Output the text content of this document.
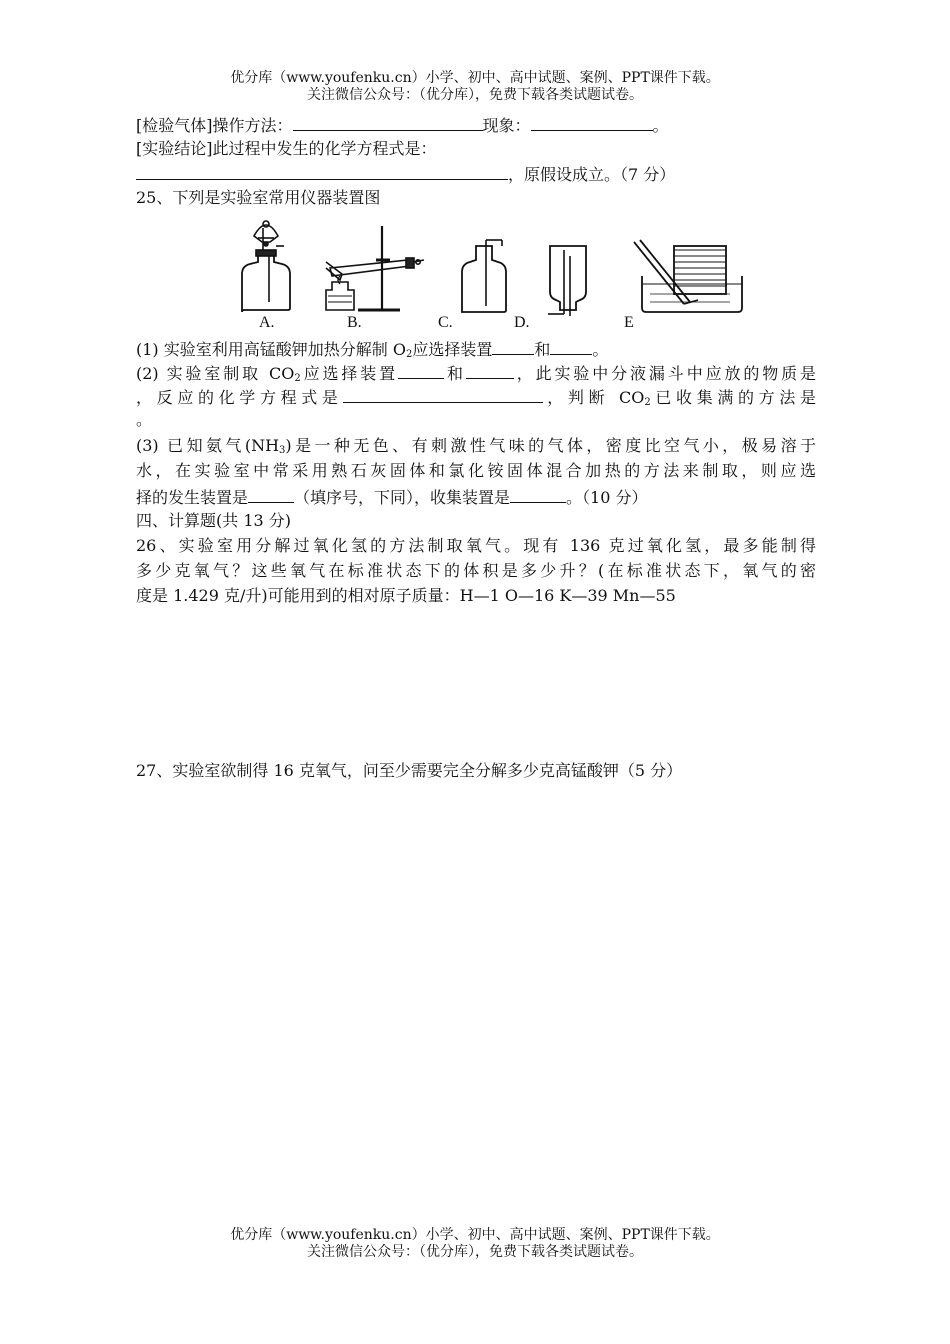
优分库（www.youfenku.cn）小学、初中、高中试题、案例、PPT课件下载。
关注微信公众号：（优分库），免费下载各类试题试卷。
[检验气体]操作方法：	现象：	。
[实验结论]此过程中发生的化学方程式是：
，原假设成立。（7 分）
25、下列是实验室常用仪器装置图
A.	B.	C.	D.	E
(1) 实验室利用高锰酸钾加热分解制 $O_2$应选择装置	和	。
(2) 实验室制取 $CO_2$应选择装置	和	，此实验中分液漏斗中应放的物质是
，反应的化学方程式是	，判断 $CO_2$已收集满的方法是
。
(3) 已知氨气$(NH_3)$是一种无色、有刺激性气味的气体，密度比空气小，极易溶于
水，在实验室中常采用熟石灰固体和氯化铵固体混合加热的方法来制取，则应选
择的发生装置是	（填序号，下同），收集装置是	。（10 分）
四、计算题(共 13 分)
26、实验室用分解过氧化氢的方法制取氧气。现有 136 克过氧化氢，最多能制得
多少克氧气？这些氧气在标准状态下的体积是多少升？(在标准状态下，氧气的密
度是 1.429 克/升)可能用到的相对原子质量：H—1 O—16 K—39 Mn—55
27、实验室欲制得 16 克氧气，问至少需要完全分解多少克高锰酸钾（5 分）
优分库（www.youfenku.cn）小学、初中、高中试题、案例、PPT课件下载。
关注微信公众号：（优分库），免费下载各类试题试卷。
